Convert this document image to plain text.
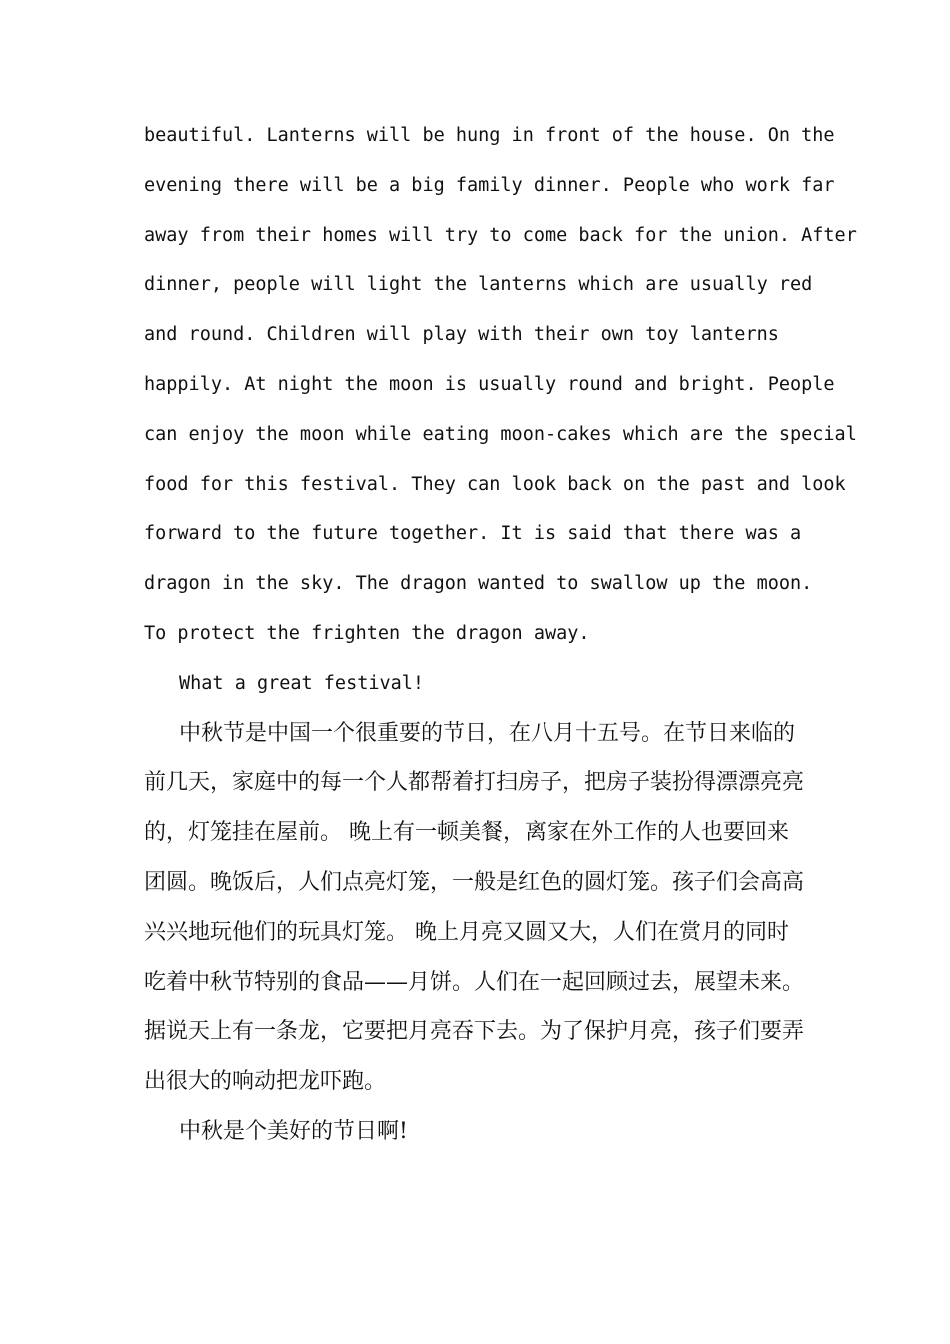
beautiful. Lanterns will be hung in front of the house. On the
evening there will be a big family dinner. People who work far
away from their homes will try to come back for the union. After
dinner, people will light the lanterns which are usually red
and round. Children will play with their own toy lanterns
happily. At night the moon is usually round and bright. People
can enjoy the moon while eating moon-cakes which are the special
food for this festival. They can look back on the past and look
forward to the future together. It is said that there was a
dragon in the sky. The dragon wanted to swallow up the moon.
To protect the frighten the dragon away.

What a great festival!

中秋节是中国一个很重要的节日，在八月十五号。在节日来临的
前几天，家庭中的每一个人都帮着打扫房子，把房子装扮得漂漂亮亮
的，灯笼挂在屋前。 晚上有一顿美餐，离家在外工作的人也要回来
团圆。晚饭后，人们点亮灯笼，一般是红色的圆灯笼。孩子们会高高
兴兴地玩他们的玩具灯笼。 晚上月亮又圆又大，人们在赏月的同时
吃着中秋节特别的食品——月饼。人们在一起回顾过去，展望未来。
据说天上有一条龙，它要把月亮吞下去。为了保护月亮，孩子们要弄
出很大的响动把龙吓跑。

中秋是个美好的节日啊!
